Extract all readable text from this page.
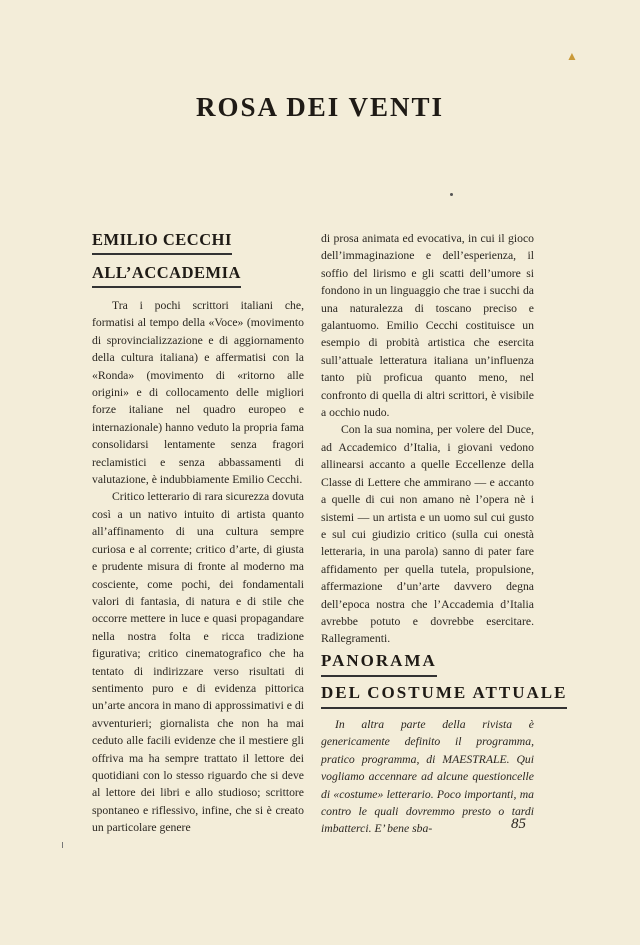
▲
ROSA DEI VENTI
EMILIO CECCHI
ALL’ACCADEMIA

Tra i pochi scrittori italiani che, formatisi al tempo della «Voce» (movimento di sprovincializzazione e di aggiornamento della cultura italiana) e affermatisi con la «Ronda» (movimento di «ritorno alle origini» e di collocamento delle migliori forze italiane nel quadro europeo e internazionale) hanno veduto la propria fama consolidarsi lentamente senza fragori reclamistici e senza abbassamenti di valutazione, è indubbiamente Emilio Cecchi.

Critico letterario di rara sicurezza dovuta così a un nativo intuito di artista quanto all’affinamento di una cultura sempre curiosa e al corrente; critico d’arte, di giusta e prudente misura di fronte al moderno ma cosciente, come pochi, dei fondamentali valori di fantasia, di natura e di stile che occorre mettere in luce e quasi propagandare nella nostra folta e ricca tradizione figurativa; critico cinematografico che ha tentato di indirizzare verso risultati di sentimento puro e di evidenza pittorica un’arte ancora in mano di approssimativi e di avventurieri; giornalista che non ha mai ceduto alle facili evidenze che il mestiere gli offriva ma ha sempre trattato il lettore dei quotidiani con lo stesso riguardo che si deve al lettore dei libri e allo studioso; scrittore spontaneo e riflessivo, infine, che si è creato un particolare genere

di prosa animata ed evocativa, in cui il gioco dell’immaginazione e dell’esperienza, il soffio del lirismo e gli scatti dell’umore si fondono in un linguaggio che trae i succhi da una naturalezza di toscano preciso e galantuomo. Emilio Cecchi costituisce un esempio di probità artistica che esercita sull’attuale letteratura italiana un’influenza tanto più proficua quanto meno, nel confronto di quella di altri scrittori, è visibile a occhio nudo.

Con la sua nomina, per volere del Duce, ad Accademico d’Italia, i giovani vedono allinearsi accanto a quelle Eccellenze della Classe di Lettere che ammirano — e accanto a quelle di cui non amano nè l’opera nè i sistemi — un artista e un uomo sul cui gusto e sul cui giudizio critico (sulla cui onestà letteraria, in una parola) sanno di pater fare affidamento per quella tutela, propulsione, affermazione d’un’arte davvero degna dell’epoca nostra che l’Accademia d’Italia avrebbe potuto e dovrebbe esercitare. Rallegramenti.

PANORAMA
DEL COSTUME ATTUALE

In altra parte della rivista è genericamente definito il programma, pratico programma, di MAESTRALE. Qui vogliamo accennare ad alcune questioncelle di «costume» letterario. Poco importanti, ma contro le quali dovremmo presto o tardi imbatterci. E’ bene sba-	85
